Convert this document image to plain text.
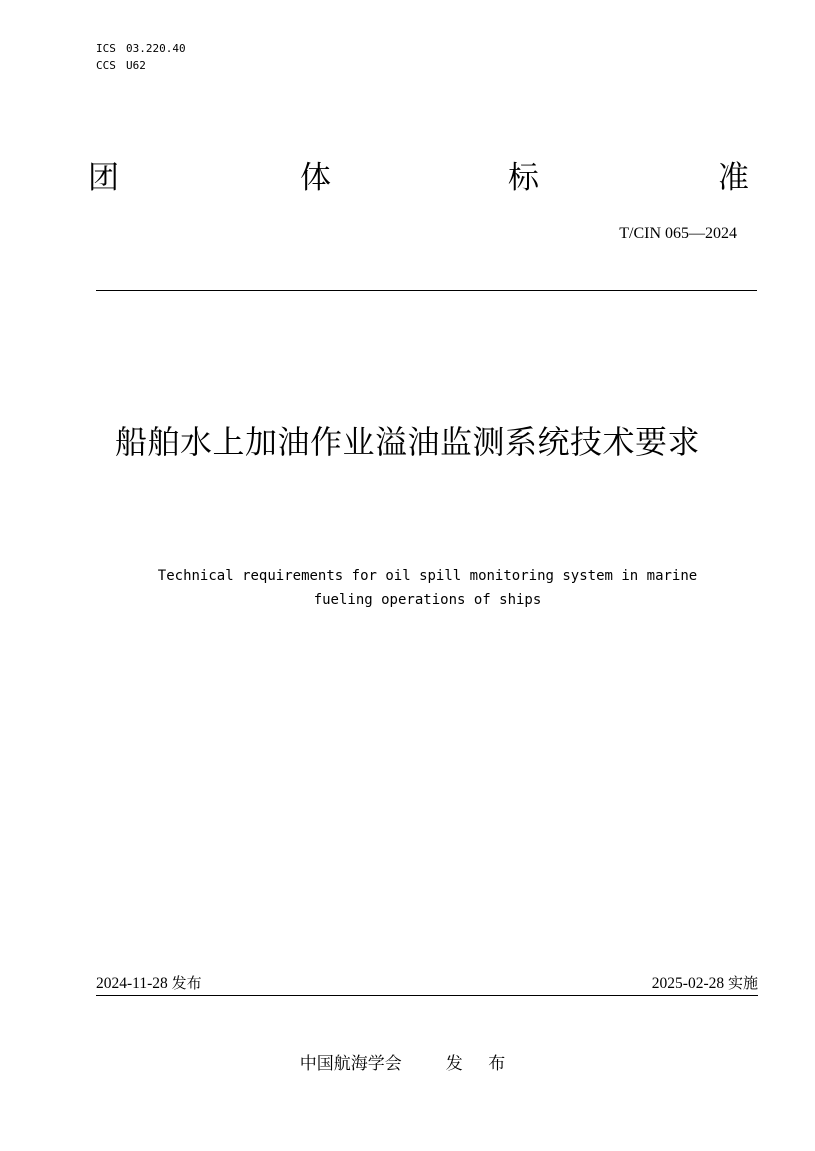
ICS 03.220.40
CCS U62
团	体	标	准
T/CIN 065—2024
船舶水上加油作业溢油监测系统技术要求
Technical requirements for oil spill monitoring system in marine
fueling operations of ships
2024-11-28 发布	2025-02-28 实施
中国航海学会	发 布
